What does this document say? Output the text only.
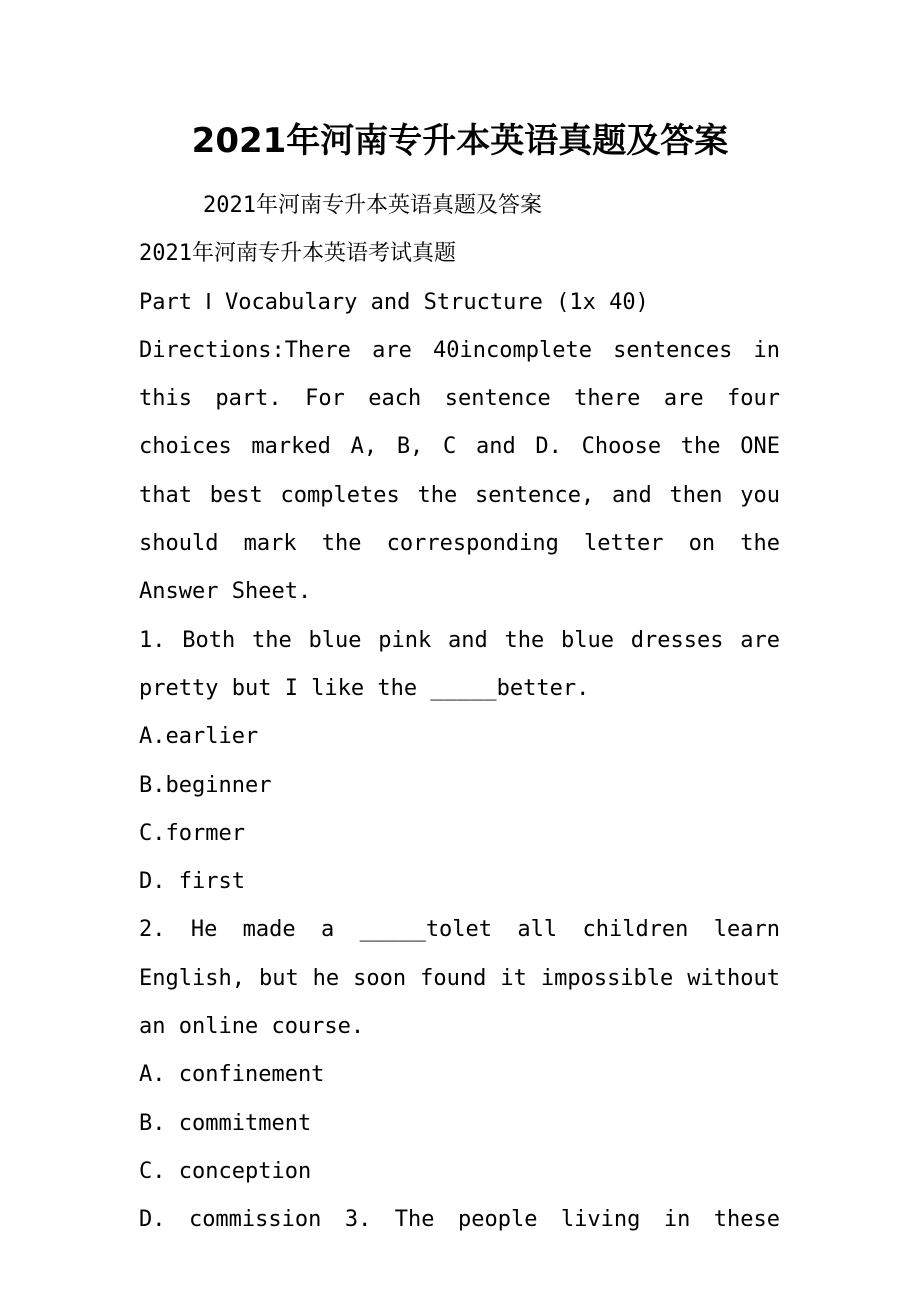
2021年河南专升本英语真题及答案

2021年河南专升本英语真题及答案

2021年河南专升本英语考试真题

Part Ⅰ Vocabulary and Structure (1x 40)

Directions:There are 40incomplete sentences in this part. For each sentence there are four choices marked A, B, C and D. Choose the ONE that best completes the sentence, and then you should mark the corresponding letter on the Answer Sheet.

1. Both the blue pink and the blue dresses are pretty but I like the _____better.

A.earlier

B.beginner

C.former

D. first

2. He made a _____tolet all children learn English, but he soon found it impossible without an online course.

A. confinement

B. commitment

C. conception

D. commission 3. The people living in these
